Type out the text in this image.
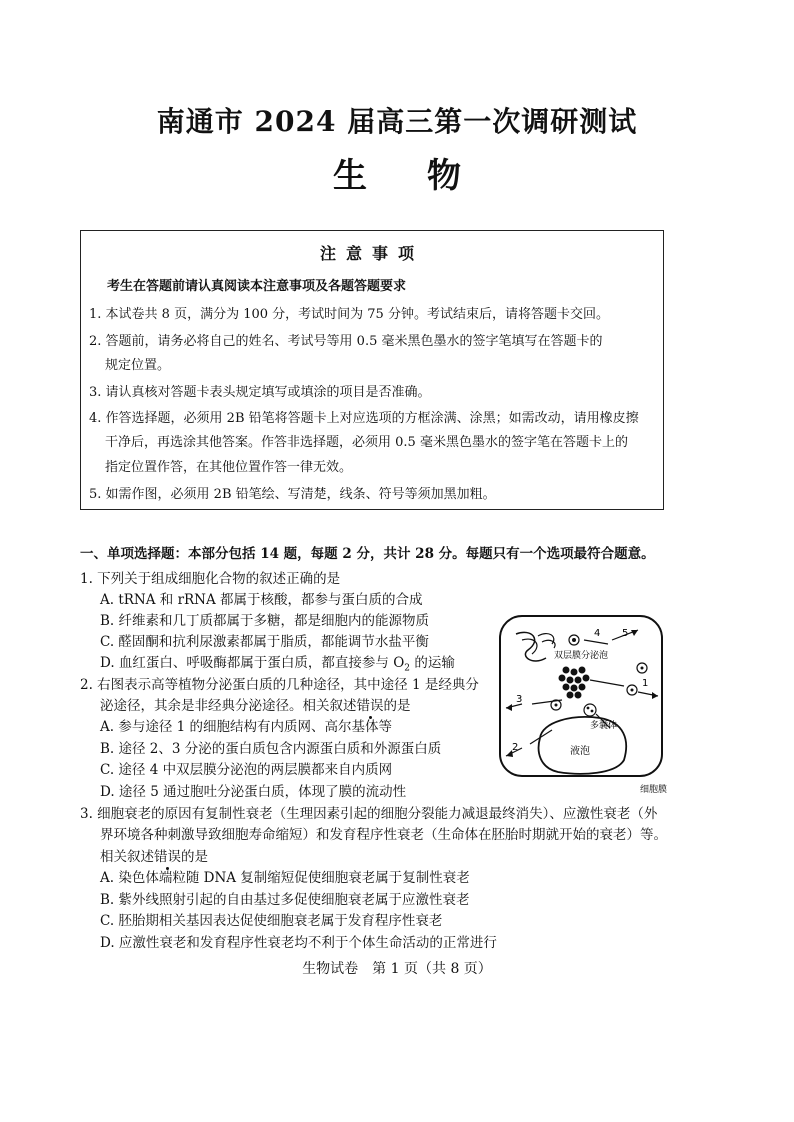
南通市 2024 届高三第一次调研测试
生物
注意事项
考生在答题前请认真阅读本注意事项及各题答题要求
1. 本试卷共 8 页，满分为 100 分，考试时间为 75 分钟。考试结束后，请将答题卡交回。
2. 答题前，请务必将自己的姓名、考试号等用 0.5 毫米黑色墨水的签字笔填写在答题卡的
规定位置。
3. 请认真核对答题卡表头规定填写或填涂的项目是否准确。
4. 作答选择题，必须用 2B 铅笔将答题卡上对应选项的方框涂满、涂黑；如需改动，请用橡皮擦
干净后，再选涂其他答案。作答非选择题，必须用 0.5 毫米黑色墨水的签字笔在答题卡上的
指定位置作答，在其他位置作答一律无效。
5. 如需作图，必须用 2B 铅笔绘、写清楚，线条、符号等须加黑加粗。
一、单项选择题：本部分包括 14 题，每题 2 分，共计 28 分。每题只有一个选项最符合题意。
1. 下列关于组成细胞化合物的叙述正确的是
A. tRNA 和 rRNA 都属于核酸，都参与蛋白质的合成
B. 纤维素和几丁质都属于多糖，都是细胞内的能源物质
C. 醛固酮和抗利尿激素都属于脂质，都能调节水盐平衡
D. 血红蛋白、呼吸酶都属于蛋白质，都直接参与 $O_2$ 的运输
2. 右图表示高等植物分泌蛋白质的几种途径，其中途径 1 是经典分
泌途径，其余是非经典分泌途径。相关叙述错误的是
A. 参与途径 1 的细胞结构有内质网、高尔基体等
B. 途径 2、3 分泌的蛋白质包含内源蛋白质和外源蛋白质
C. 途径 4 中双层膜分泌泡的两层膜都来自内质网
D. 途径 5 通过胞吐分泌蛋白质，体现了膜的流动性
3. 细胞衰老的原因有复制性衰老（生理因素引起的细胞分裂能力减退最终消失）、应激性衰老（外
界环境各种刺激导致细胞寿命缩短）和发育程序性衰老（生命体在胚胎时期就开始的衰老）等。
相关叙述错误的是
A. 染色体端粒随 DNA 复制缩短促使细胞衰老属于复制性衰老
B. 紫外线照射引起的自由基过多促使细胞衰老属于应激性衰老
C. 胚胎期相关基因表达促使细胞衰老属于发育程序性衰老
D. 应激性衰老和发育程序性衰老均不利于个体生命活动的正常进行
双层膜分泌泡
多囊体
液泡
细胞膜
1
2
3
4 5
生物试卷　第 1 页（共 8 页）
